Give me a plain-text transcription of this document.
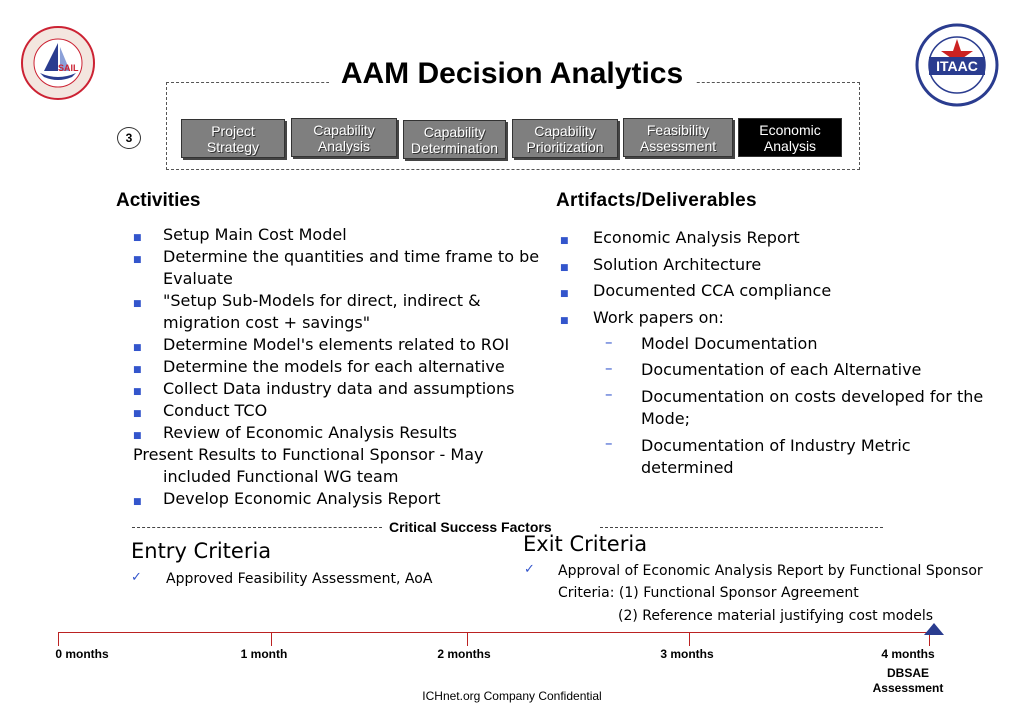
SAIL	ITAAC
AAM Decision Analytics
3	Project
Strategy
Capability
Analysis
Capability
Determination
Capability
Prioritization
Feasibility
Assessment
Economic
Analysis
Activities
■ Setup Main Cost Model
■ Determine the quantities and time frame to be
Evaluate
■ "Setup Sub-Models for direct, indirect &
migration cost + savings"
■ Determine Model's elements related to ROI
■ Determine the models for each alternative
■ Collect Data industry data and assumptions
■ Conduct TCO
■ Review of Economic Analysis Results
Present Results to Functional Sponsor - May
included Functional WG team
■ Develop Economic Analysis Report
Artifacts/Deliverables
■ Economic Analysis Report
■ Solution Architecture
■ Documented CCA compliance
■ Work papers on:
– Model Documentation
– Documentation of each Alternative
– Documentation on costs developed for the
Mode;
– Documentation of Industry Metric
determined
Critical Success Factors
Entry Criteria
✓ Approved Feasibility Assessment, AoA
Exit Criteria
✓ Approval of Economic Analysis Report by Functional Sponsor
Criteria: (1) Functional Sponsor Agreement
(2) Reference material justifying cost models
0 months	1 month	2 months	3 months	4 months
DBSAE
Assessment
ICHnet.org Company Confidential
